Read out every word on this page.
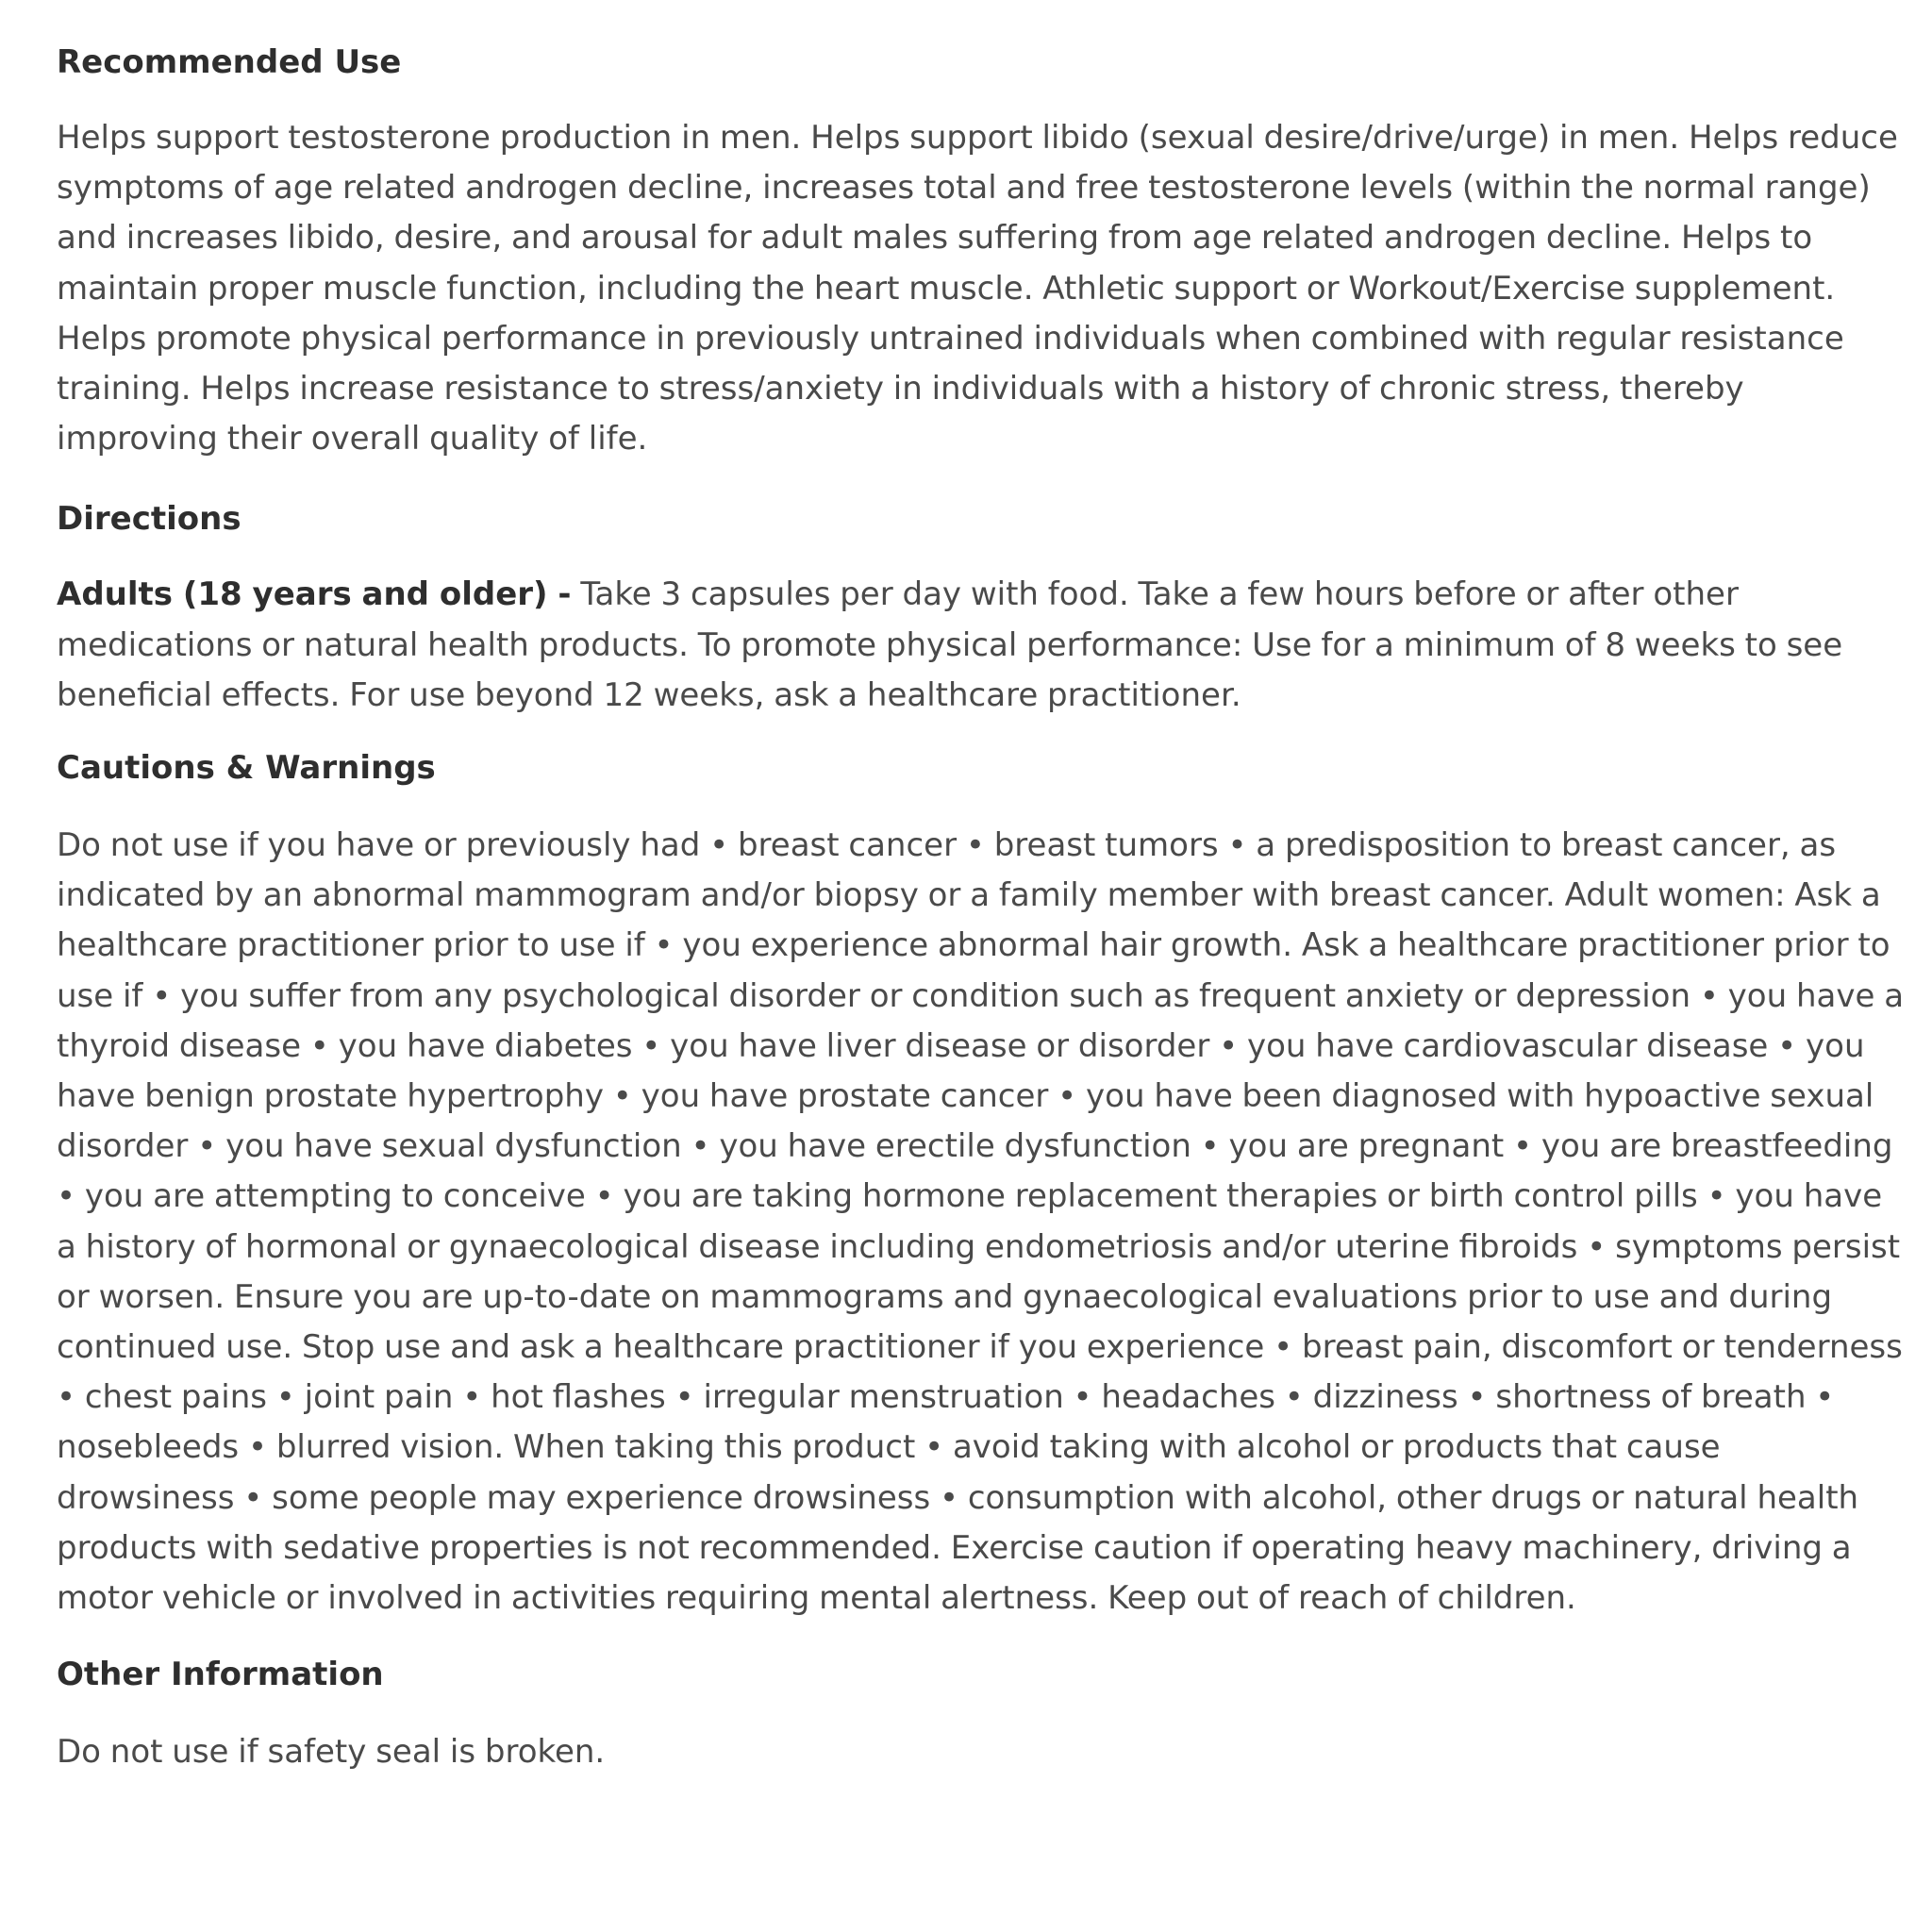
Recommended Use

Helps support testosterone production in men. Helps support libido (sexual desire/drive/urge) in men. Helps reduce symptoms of age related androgen decline, increases total and free testosterone levels (within the normal range) and increases libido, desire, and arousal for adult males suffering from age related androgen decline. Helps to maintain proper muscle function, including the heart muscle. Athletic support or Workout/Exercise supplement. Helps promote physical performance in previously untrained individuals when combined with regular resistance training. Helps increase resistance to stress/anxiety in individuals with a history of chronic stress, thereby improving their overall quality of life.

Directions

Adults (18 years and older) - Take 3 capsules per day with food. Take a few hours before or after other medications or natural health products. To promote physical performance: Use for a minimum of 8 weeks to see beneficial effects. For use beyond 12 weeks, ask a healthcare practitioner.

Cautions & Warnings

Do not use if you have or previously had • breast cancer • breast tumors • a predisposition to breast cancer, as indicated by an abnormal mammogram and/or biopsy or a family member with breast cancer. Adult women: Ask a healthcare practitioner prior to use if • you experience abnormal hair growth. Ask a healthcare practitioner prior to use if • you suffer from any psychological disorder or condition such as frequent anxiety or depression • you have a thyroid disease • you have diabetes • you have liver disease or disorder • you have cardiovascular disease • you have benign prostate hypertrophy • you have prostate cancer • you have been diagnosed with hypoactive sexual disorder • you have sexual dysfunction • you have erectile dysfunction • you are pregnant • you are breastfeeding • you are attempting to conceive • you are taking hormone replacement therapies or birth control pills • you have a history of hormonal or gynaecological disease including endometriosis and/or uterine fibroids • symptoms persist or worsen. Ensure you are up-to-date on mammograms and gynaecological evaluations prior to use and during continued use. Stop use and ask a healthcare practitioner if you experience • breast pain, discomfort or tenderness • chest pains • joint pain • hot flashes • irregular menstruation • headaches • dizziness • shortness of breath • nosebleeds • blurred vision. When taking this product • avoid taking with alcohol or products that cause drowsiness • some people may experience drowsiness • consumption with alcohol, other drugs or natural health products with sedative properties is not recommended. Exercise caution if operating heavy machinery, driving a motor vehicle or involved in activities requiring mental alertness. Keep out of reach of children.

Other Information

Do not use if safety seal is broken.
